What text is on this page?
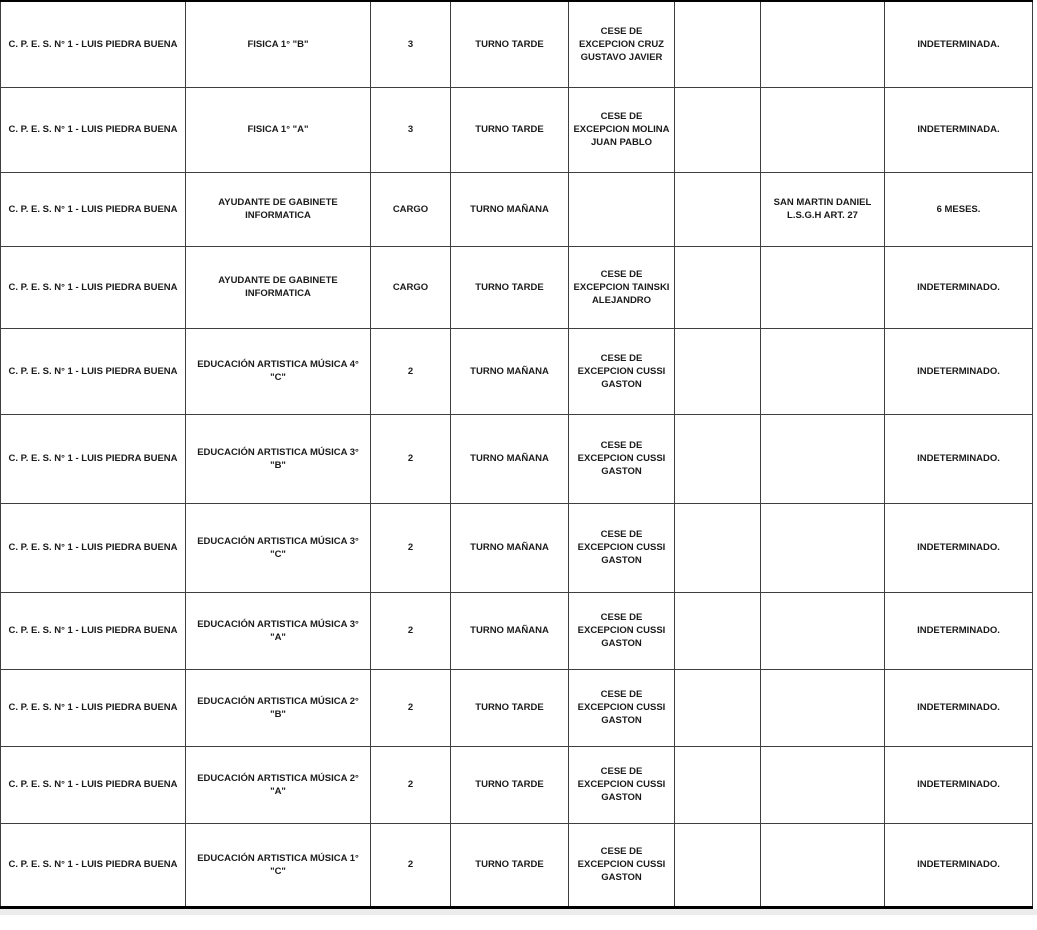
C. P. E. S. N° 1 - LUIS PIEDRA BUENA	FISICA 1° "B"	3	TURNO TARDE	CESE DE EXCEPCION CRUZ GUSTAVO JAVIER			INDETERMINADA.
C. P. E. S. N° 1 - LUIS PIEDRA BUENA	FISICA 1° "A"	3	TURNO TARDE	CESE DE EXCEPCION MOLINA JUAN PABLO			INDETERMINADA.
C. P. E. S. N° 1 - LUIS PIEDRA BUENA	AYUDANTE DE GABINETE INFORMATICA	CARGO	TURNO MAÑANA			SAN MARTIN DANIEL L.S.G.H ART. 27	6 MESES.
C. P. E. S. N° 1 - LUIS PIEDRA BUENA	AYUDANTE DE GABINETE INFORMATICA	CARGO	TURNO TARDE	CESE DE EXCEPCION TAINSKI ALEJANDRO			INDETERMINADO.
C. P. E. S. N° 1 - LUIS PIEDRA BUENA	EDUCACIÓN ARTISTICA MÚSICA 4° "C"	2	TURNO MAÑANA	CESE DE EXCEPCION CUSSI GASTON			INDETERMINADO.
C. P. E. S. N° 1 - LUIS PIEDRA BUENA	EDUCACIÓN ARTISTICA MÚSICA 3° "B"	2	TURNO MAÑANA	CESE DE EXCEPCION CUSSI GASTON			INDETERMINADO.
C. P. E. S. N° 1 - LUIS PIEDRA BUENA	EDUCACIÓN ARTISTICA MÚSICA 3° "C"	2	TURNO MAÑANA	CESE DE EXCEPCION CUSSI GASTON			INDETERMINADO.
C. P. E. S. N° 1 - LUIS PIEDRA BUENA	EDUCACIÓN ARTISTICA MÚSICA 3° "A"	2	TURNO MAÑANA	CESE DE EXCEPCION CUSSI GASTON			INDETERMINADO.
C. P. E. S. N° 1 - LUIS PIEDRA BUENA	EDUCACIÓN ARTISTICA MÚSICA 2° "B"	2	TURNO TARDE	CESE DE EXCEPCION CUSSI GASTON			INDETERMINADO.
C. P. E. S. N° 1 - LUIS PIEDRA BUENA	EDUCACIÓN ARTISTICA MÚSICA 2° "A"	2	TURNO TARDE	CESE DE EXCEPCION CUSSI GASTON			INDETERMINADO.
C. P. E. S. N° 1 - LUIS PIEDRA BUENA	EDUCACIÓN ARTISTICA MÚSICA 1° "C"	2	TURNO TARDE	CESE DE EXCEPCION CUSSI GASTON			INDETERMINADO.
